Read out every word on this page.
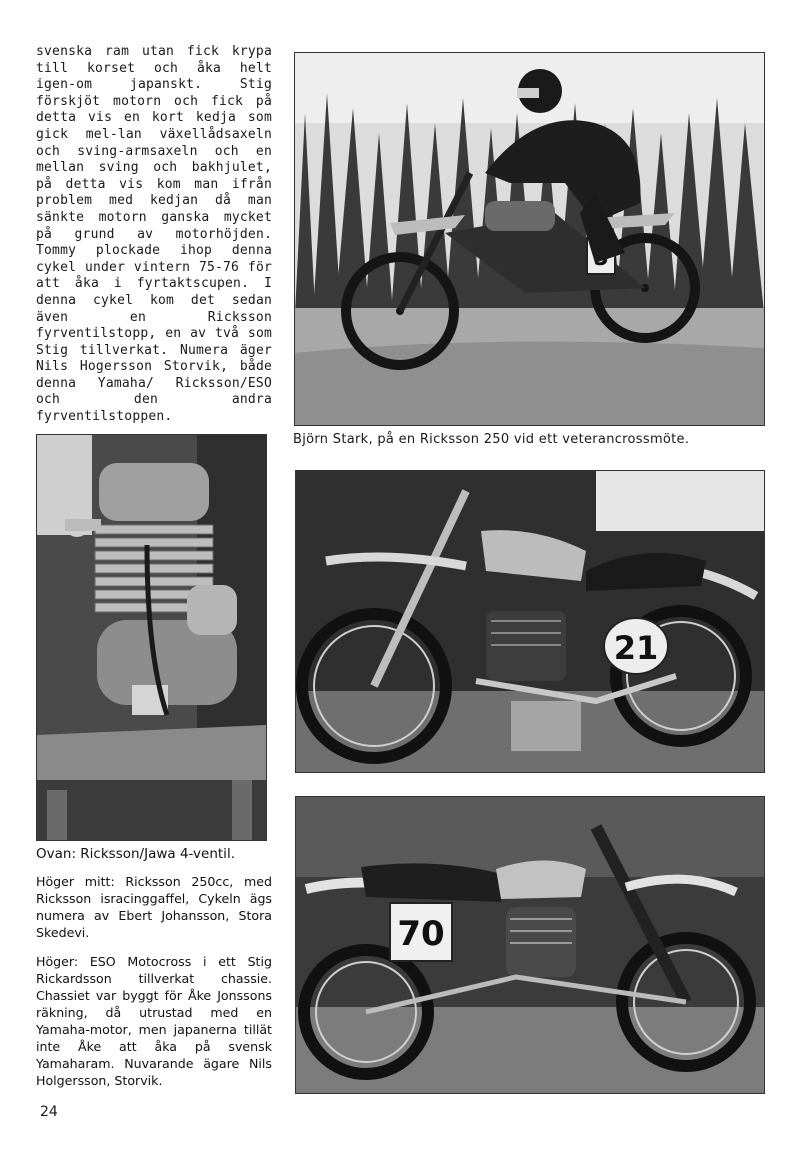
svenska ram utan fick krypa till korset och åka helt igen-om japanskt. Stig förskjöt motorn och fick på detta vis en kort kedja som gick mel-lan växellådsaxeln och sving-armsaxeln och en mellan sving och bakhjulet, på detta vis kom man ifrån problem med kedjan då man sänkte motorn ganska mycket på grund av motorhöjden. Tommy plockade ihop denna cykel under vintern 75-76 för att åka i fyrtaktscupen. I denna cykel kom det sedan även en Ricksson fyrventilstopp, en av två som Stig tillverkat. Numera äger Nils Hogersson Storvik, både denna Yamaha/ Ricksson/ESO och den andra fyrventilstoppen.
Björn Stark, på en Ricksson 250 vid ett veterancrossmöte.

Ovan: Ricksson/Jawa 4-ventil.

Höger mitt: Ricksson 250cc, med Ricksson isracinggaffel, Cykeln ägs numera av Ebert Johansson, Stora Skedevi.

Höger: ESO Motocross i ett Stig Rickardsson tillverkat chassie. Chassiet var byggt för Åke Jonssons räkning, då utrustad med en Yamaha-motor, men japanerna tillät inte Åke att åka på svensk Yamaharam. Nuvarande ägare Nils Holgersson, Storvik.

21
70
24
